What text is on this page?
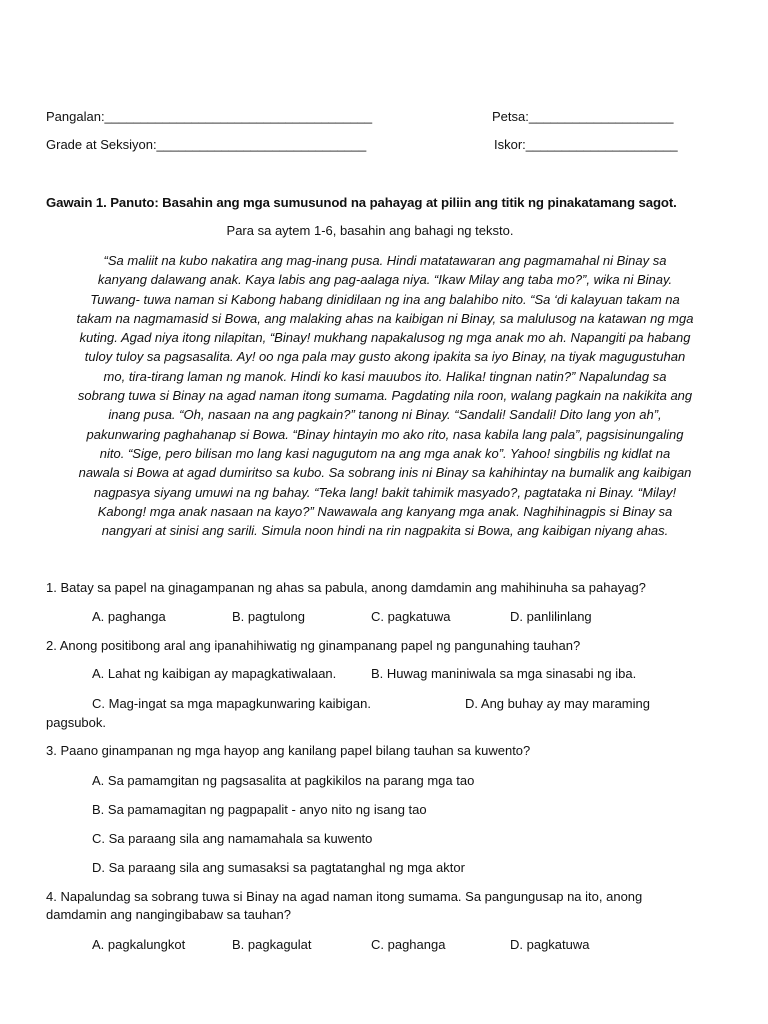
Pangalan:_____________________________________	Petsa:____________________
Grade at Seksiyon:_____________________________	Iskor:_____________________
Gawain 1. Panuto: Basahin ang mga sumusunod na pahayag at piliin ang titik ng pinakatamang sagot.
Para sa aytem 1-6, basahin ang bahagi ng teksto.
“Sa maliit na kubo nakatira ang mag-inang pusa. Hindi matatawaran ang pagmamahal ni Binay sa
kanyang dalawang anak. Kaya labis ang pag-aalaga niya. “Ikaw Milay ang taba mo?”, wika ni Binay.
Tuwang- tuwa naman si Kabong habang dinidilaan ng ina ang balahibo nito. “Sa ‘di kalayuan takam na
takam na nagmamasid si Bowa, ang malaking ahas na kaibigan ni Binay, sa malulusog na katawan ng mga
kuting. Agad niya itong nilapitan, “Binay! mukhang napakalusog ng mga anak mo ah. Napangiti pa habang
tuloy tuloy sa pagsasalita. Ay! oo nga pala may gusto akong ipakita sa iyo Binay, na tiyak magugustuhan
mo, tira-tirang laman ng manok. Hindi ko kasi mauubos ito. Halika! tingnan natin?” Napalundag sa
sobrang tuwa si Binay na agad naman itong sumama. Pagdating nila roon, walang pagkain na nakikita ang
inang pusa. “Oh, nasaan na ang pagkain?” tanong ni Binay. “Sandali! Sandali! Dito lang yon ah”,
pakunwaring paghahanap si Bowa. “Binay hintayin mo ako rito, nasa kabila lang pala”, pagsisinungaling
nito. “Sige, pero bilisan mo lang kasi nagugutom na ang mga anak ko”. Yahoo! singbilis ng kidlat na
nawala si Bowa at agad dumiritso sa kubo. Sa sobrang inis ni Binay sa kahihintay na bumalik ang kaibigan
nagpasya siyang umuwi na ng bahay. “Teka lang! bakit tahimik masyado?, pagtataka ni Binay. “Milay!
Kabong! mga anak nasaan na kayo?” Nawawala ang kanyang mga anak. Naghihinagpis si Binay sa
nangyari at sinisi ang sarili. Simula noon hindi na rin nagpakita si Bowa, ang kaibigan niyang ahas.
1. Batay sa papel na ginagampanan ng ahas sa pabula, anong damdamin ang mahihinuha sa pahayag?
A. paghanga	B. pagtulong	C. pagkatuwa	D. panlilinlang
2. Anong positibong aral ang ipanahihiwatig ng ginampanang papel ng pangunahing tauhan?
A. Lahat ng kaibigan ay mapagkatiwalaan.	B. Huwag maniniwala sa mga sinasabi ng iba.
C. Mag-ingat sa mga mapagkunwaring kaibigan.	D. Ang buhay ay may maraming
pagsubok.
3. Paano ginampanan ng mga hayop ang kanilang papel bilang tauhan sa kuwento?
A. Sa pamamgitan ng pagsasalita at pagkikilos na parang mga tao
B. Sa pamamagitan ng pagpapalit - anyo nito ng isang tao
C. Sa paraang sila ang namamahala sa kuwento
D. Sa paraang sila ang sumasaksi sa pagtatanghal ng mga aktor
4. Napalundag sa sobrang tuwa si Binay na agad naman itong sumama. Sa pangungusap na ito, anong
damdamin ang nangingibabaw sa tauhan?
A. pagkalungkot	B. pagkagulat	C. paghanga	D. pagkatuwa
